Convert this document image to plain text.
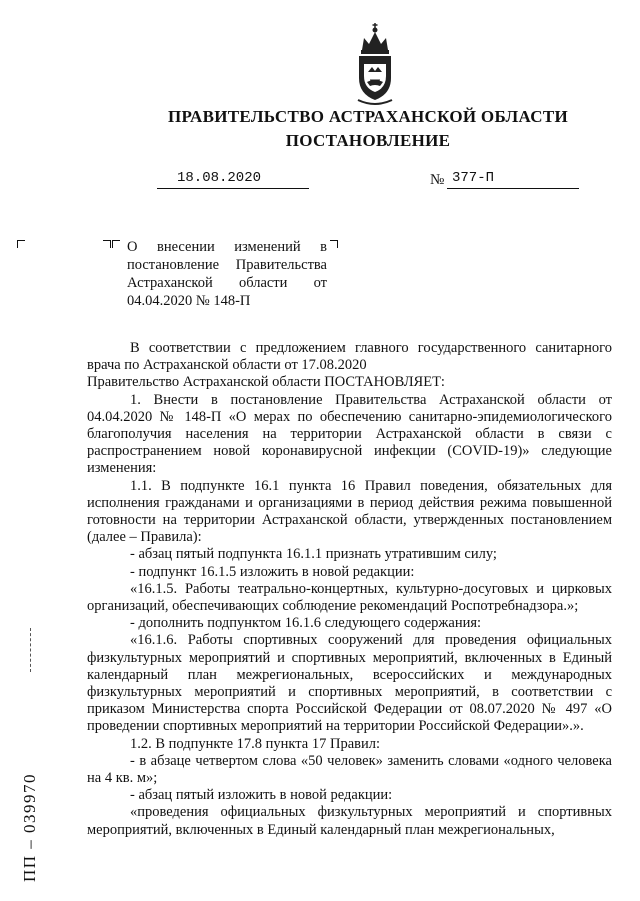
ПРАВИТЕЛЬСТВО АСТРАХАНСКОЙ ОБЛАСТИ
ПОСТАНОВЛЕНИЕ
18.08.2020	№ 377-П
О внесении изменений в
постановление Правительства
Астраханской области от
04.04.2020 № 148-П

В соответствии с предложением главного государственного санитарного врача по Астраханской области от 17.08.2020

Правительство Астраханской области ПОСТАНОВЛЯЕТ:

1. Внести в постановление Правительства Астраханской области от 04.04.2020 № 148-П «О мерах по обеспечению санитарно-эпидемиологического благополучия населения на территории Астраханской области в связи с распространением новой коронавирусной инфекции (COVID-19)» следующие изменения:

1.1. В подпункте 16.1 пункта 16 Правил поведения, обязательных для исполнения гражданами и организациями в период действия режима повышенной готовности на территории Астраханской области, утвержденных постановлением (далее – Правила):

- абзац пятый подпункта 16.1.1 признать утратившим силу;

- подпункт 16.1.5 изложить в новой редакции:

«16.1.5. Работы театрально-концертных, культурно-досуговых и цирковых организаций, обеспечивающих соблюдение рекомендаций Роспотребнадзора.»;

- дополнить подпунктом 16.1.6 следующего содержания:

«16.1.6. Работы спортивных сооружений для проведения официальных физкультурных мероприятий и спортивных мероприятий, включенных в Единый календарный план межрегиональных, всероссийских и международных физкультурных мероприятий и спортивных мероприятий, в соответствии с приказом Министерства спорта Российской Федерации от 08.07.2020 № 497 «О проведении спортивных мероприятий на территории Российской Федерации».».

1.2. В подпункте 17.8 пункта 17 Правил:

- в абзаце четвертом слова «50 человек» заменить словами «одного человека на 4 кв. м»;

- абзац пятый изложить в новой редакции:

«проведения официальных физкультурных мероприятий и спортивных мероприятий, включенных в Единый календарный план межрегиональных,

ПП – 039970
